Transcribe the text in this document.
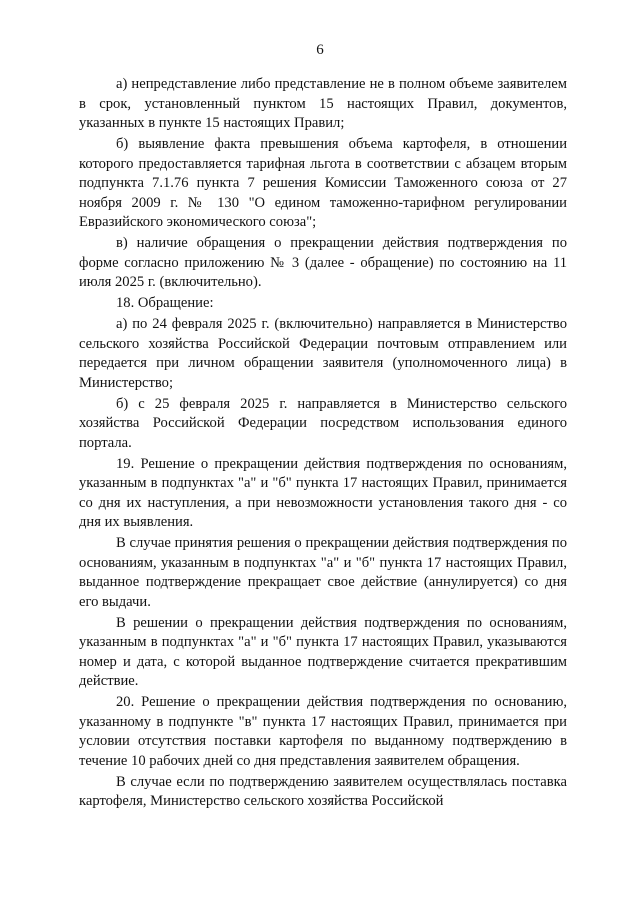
6

а) непредставление либо представление не в полном объеме заявителем в срок, установленный пунктом 15 настоящих Правил, документов, указанных в пункте 15 настоящих Правил;

б) выявление факта превышения объема картофеля, в отношении которого предоставляется тарифная льгота в соответствии с абзацем вторым подпункта 7.1.76 пункта 7 решения Комиссии Таможенного союза от 27 ноября 2009 г. № 130 "О едином таможенно-тарифном регулировании Евразийского экономического союза";

в) наличие обращения о прекращении действия подтверждения по форме согласно приложению № 3 (далее - обращение) по состоянию на 11 июля 2025 г. (включительно).

18. Обращение:

а) по 24 февраля 2025 г. (включительно) направляется в Министерство сельского хозяйства Российской Федерации почтовым отправлением или передается при личном обращении заявителя (уполномоченного лица) в Министерство;

б) с 25 февраля 2025 г. направляется в Министерство сельского хозяйства Российской Федерации посредством использования единого портала.

19. Решение о прекращении действия подтверждения по основаниям, указанным в подпунктах "а" и "б" пункта 17 настоящих Правил, принимается со дня их наступления, а при невозможности установления такого дня - со дня их выявления.

В случае принятия решения о прекращении действия подтверждения по основаниям, указанным в подпунктах "а" и "б" пункта 17 настоящих Правил, выданное подтверждение прекращает свое действие (аннулируется) со дня его выдачи.

В решении о прекращении действия подтверждения по основаниям, указанным в подпунктах "а" и "б" пункта 17 настоящих Правил, указываются номер и дата, с которой выданное подтверждение считается прекратившим действие.

20. Решение о прекращении действия подтверждения по основанию, указанному в подпункте "в" пункта 17 настоящих Правил, принимается при условии отсутствия поставки картофеля по выданному подтверждению в течение 10 рабочих дней со дня представления заявителем обращения.

В случае если по подтверждению заявителем осуществлялась поставка картофеля, Министерство сельского хозяйства Российской
